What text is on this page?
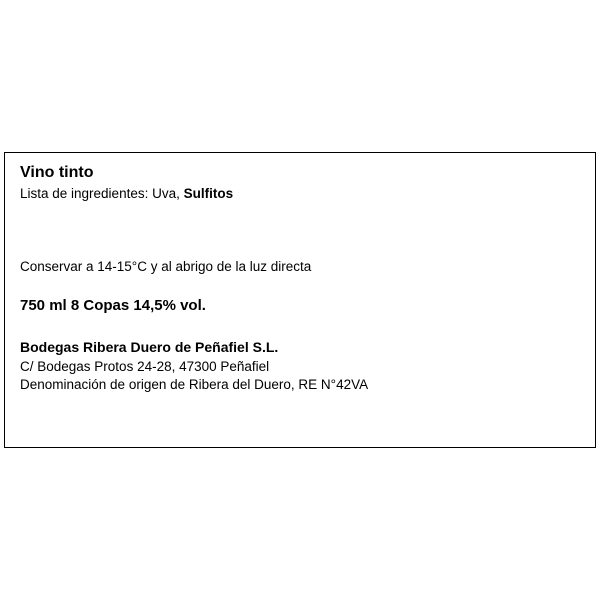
Vino tinto

Lista de ingredientes: Uva, Sulfitos

Conservar a 14-15°C y al abrigo de la luz directa

750 ml 8 Copas 14,5% vol.

Bodegas Ribera Duero de Peñafiel S.L.

C/ Bodegas Protos 24-28, 47300 Peñafiel

Denominación de origen de Ribera del Duero, RE N°42VA
